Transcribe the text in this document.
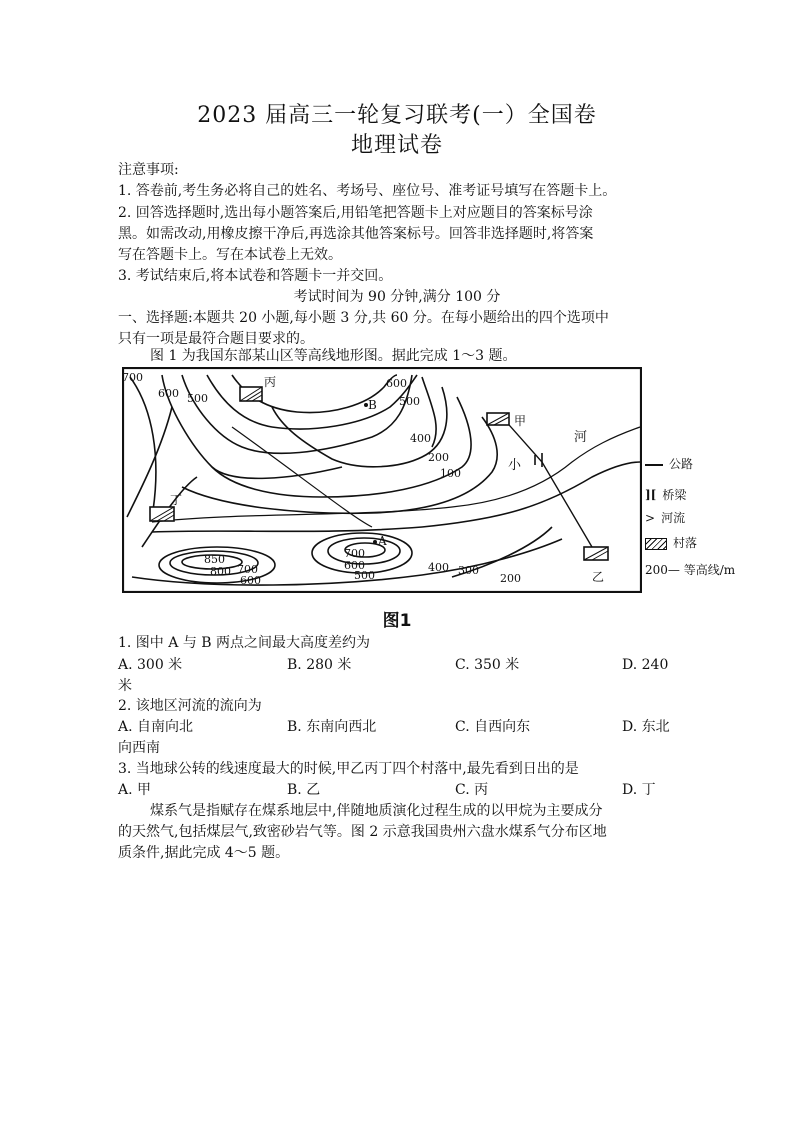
2023 届高三一轮复习联考(一）全国卷
地理试卷
注意事项:
1. 答卷前,考生务必将自己的姓名、考场号、座位号、准考证号填写在答题卡上。
2. 回答选择题时,选出每小题答案后,用铅笔把答题卡上对应题目的答案标号涂
黑。如需改动,用橡皮擦干净后,再选涂其他答案标号。回答非选择题时,将答案
写在答题卡上。写在本试卷上无效。
3. 考试结束后,将本试卷和答题卡一并交回。
考试时间为 90 分钟,满分 100 分
一、选择题:本题共 20 小题,每小题 3 分,共 60 分。在每小题给出的四个选项中
只有一项是最符合题目要求的。
图 1 为我国东部某山区等高线地形图。据此完成 1～3 题。
700
600 500
600
500
400
200
100
850
800 700
600
700
600
500
400 300
200
A
B
丙
甲
丁
乙
河
小	公路
][ 桥梁
> 河流
村落
200— 等高线/m
图1
1. 图中 A 与 B 两点之间最大高度差约为
A. 300 米	B. 280 米	C. 350 米	D. 240
米
2. 该地区河流的流向为
A. 自南向北	B. 东南向西北	C. 自西向东	D. 东北
向西南
3. 当地球公转的线速度最大的时候,甲乙丙丁四个村落中,最先看到日出的是
A. 甲	B. 乙	C. 丙	D. 丁
煤系气是指赋存在煤系地层中,伴随地质演化过程生成的以甲烷为主要成分
的天然气,包括煤层气,致密砂岩气等。图 2 示意我国贵州六盘水煤系气分布区地
质条件,据此完成 4～5 题。
